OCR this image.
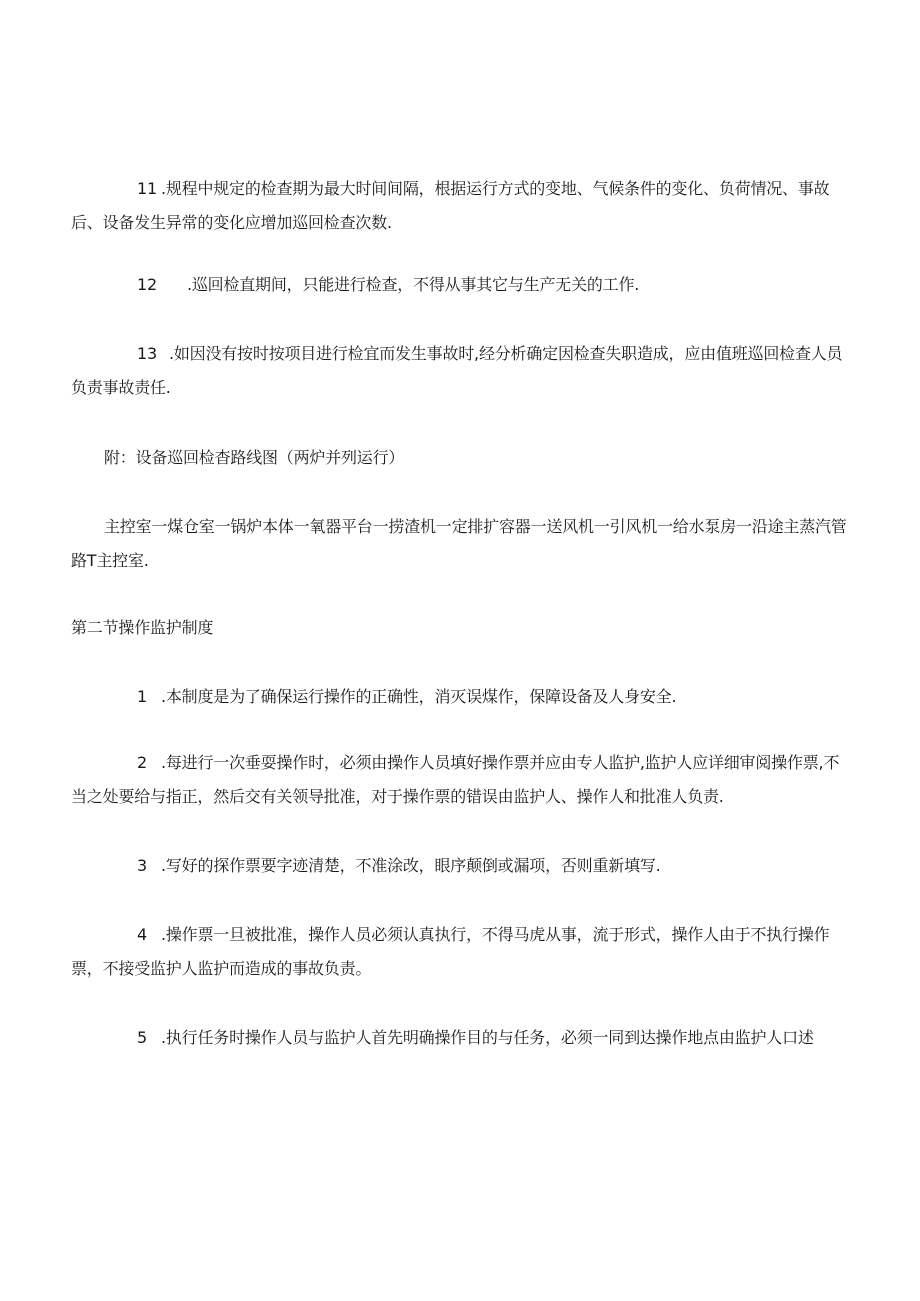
11 .规程中规定的检查期为最大时间间隔，根据运行方式的变地、气候条件的变化、负荷情况、事故后、设备发生异常的变化应增加巡回检查次数.
12 .巡回检直期间，只能进行检查，不得从事其它与生产无关的工作.
13 .如因没有按时按项目进行检宜而发生事故时,经分析确定因检查失职造成，应由值班巡回检查人员负责事故责任.
附：设备巡回检杳路线图（两炉并列运行）
主控室一煤仓室一锅炉本体一氧器平台一捞渣机一定排扩容器一送风机一引风机一给水泵房一沿途主蒸汽管路T主控室.
第二节操作监护制度
1 .本制度是为了确保运行操作的正确性，消灭误煤作，保障设备及人身安全.
2 .每进行一次垂耍操作时，必须由操作人员填好操作票并应由专人监护,监护人应详细审阅操作票,不当之处要给与指正，然后交有关领导批准，对于操作票的错误由监护人、操作人和批准人负责.
3 .写好的探作票要字迹清楚，不准涂改，眼序颠倒或漏项，否则重新填写.
4 .操作票一旦被批准，操作人员必须认真执行，不得马虎从事，流于形式，操作人由于不执行操作票，不接受监护人监护而造成的事故负责。
5 .执行任务时操作人员与监护人首先明确操作目的与任务，必须一同到达操作地点由监护人口述
